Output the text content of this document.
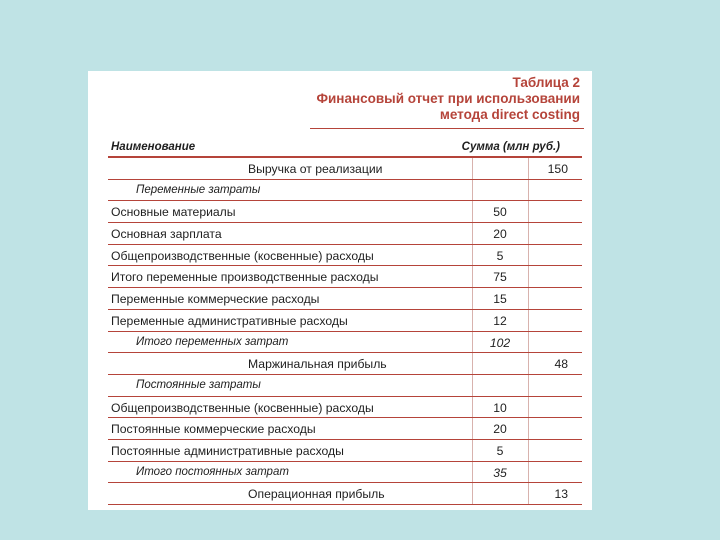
Таблица 2
Финансовый отчет при использовании
метода direct costing
Наименование	Сумма (млн руб.)
Выручка от реализации	150
Переменные затраты
Основные материалы	50
Основная зарплата	20
Общепроизводственные (косвенные) расходы	5
Итого переменные производственные расходы	75
Переменные коммерческие расходы	15
Переменные административные расходы	12
Итого переменных затрат	102
Маржинальная прибыль	48
Постоянные затраты
Общепроизводственные (косвенные) расходы	10
Постоянные коммерческие расходы	20
Постоянные административные расходы	5
Итого постоянных затрат	35
Операционная прибыль	13
